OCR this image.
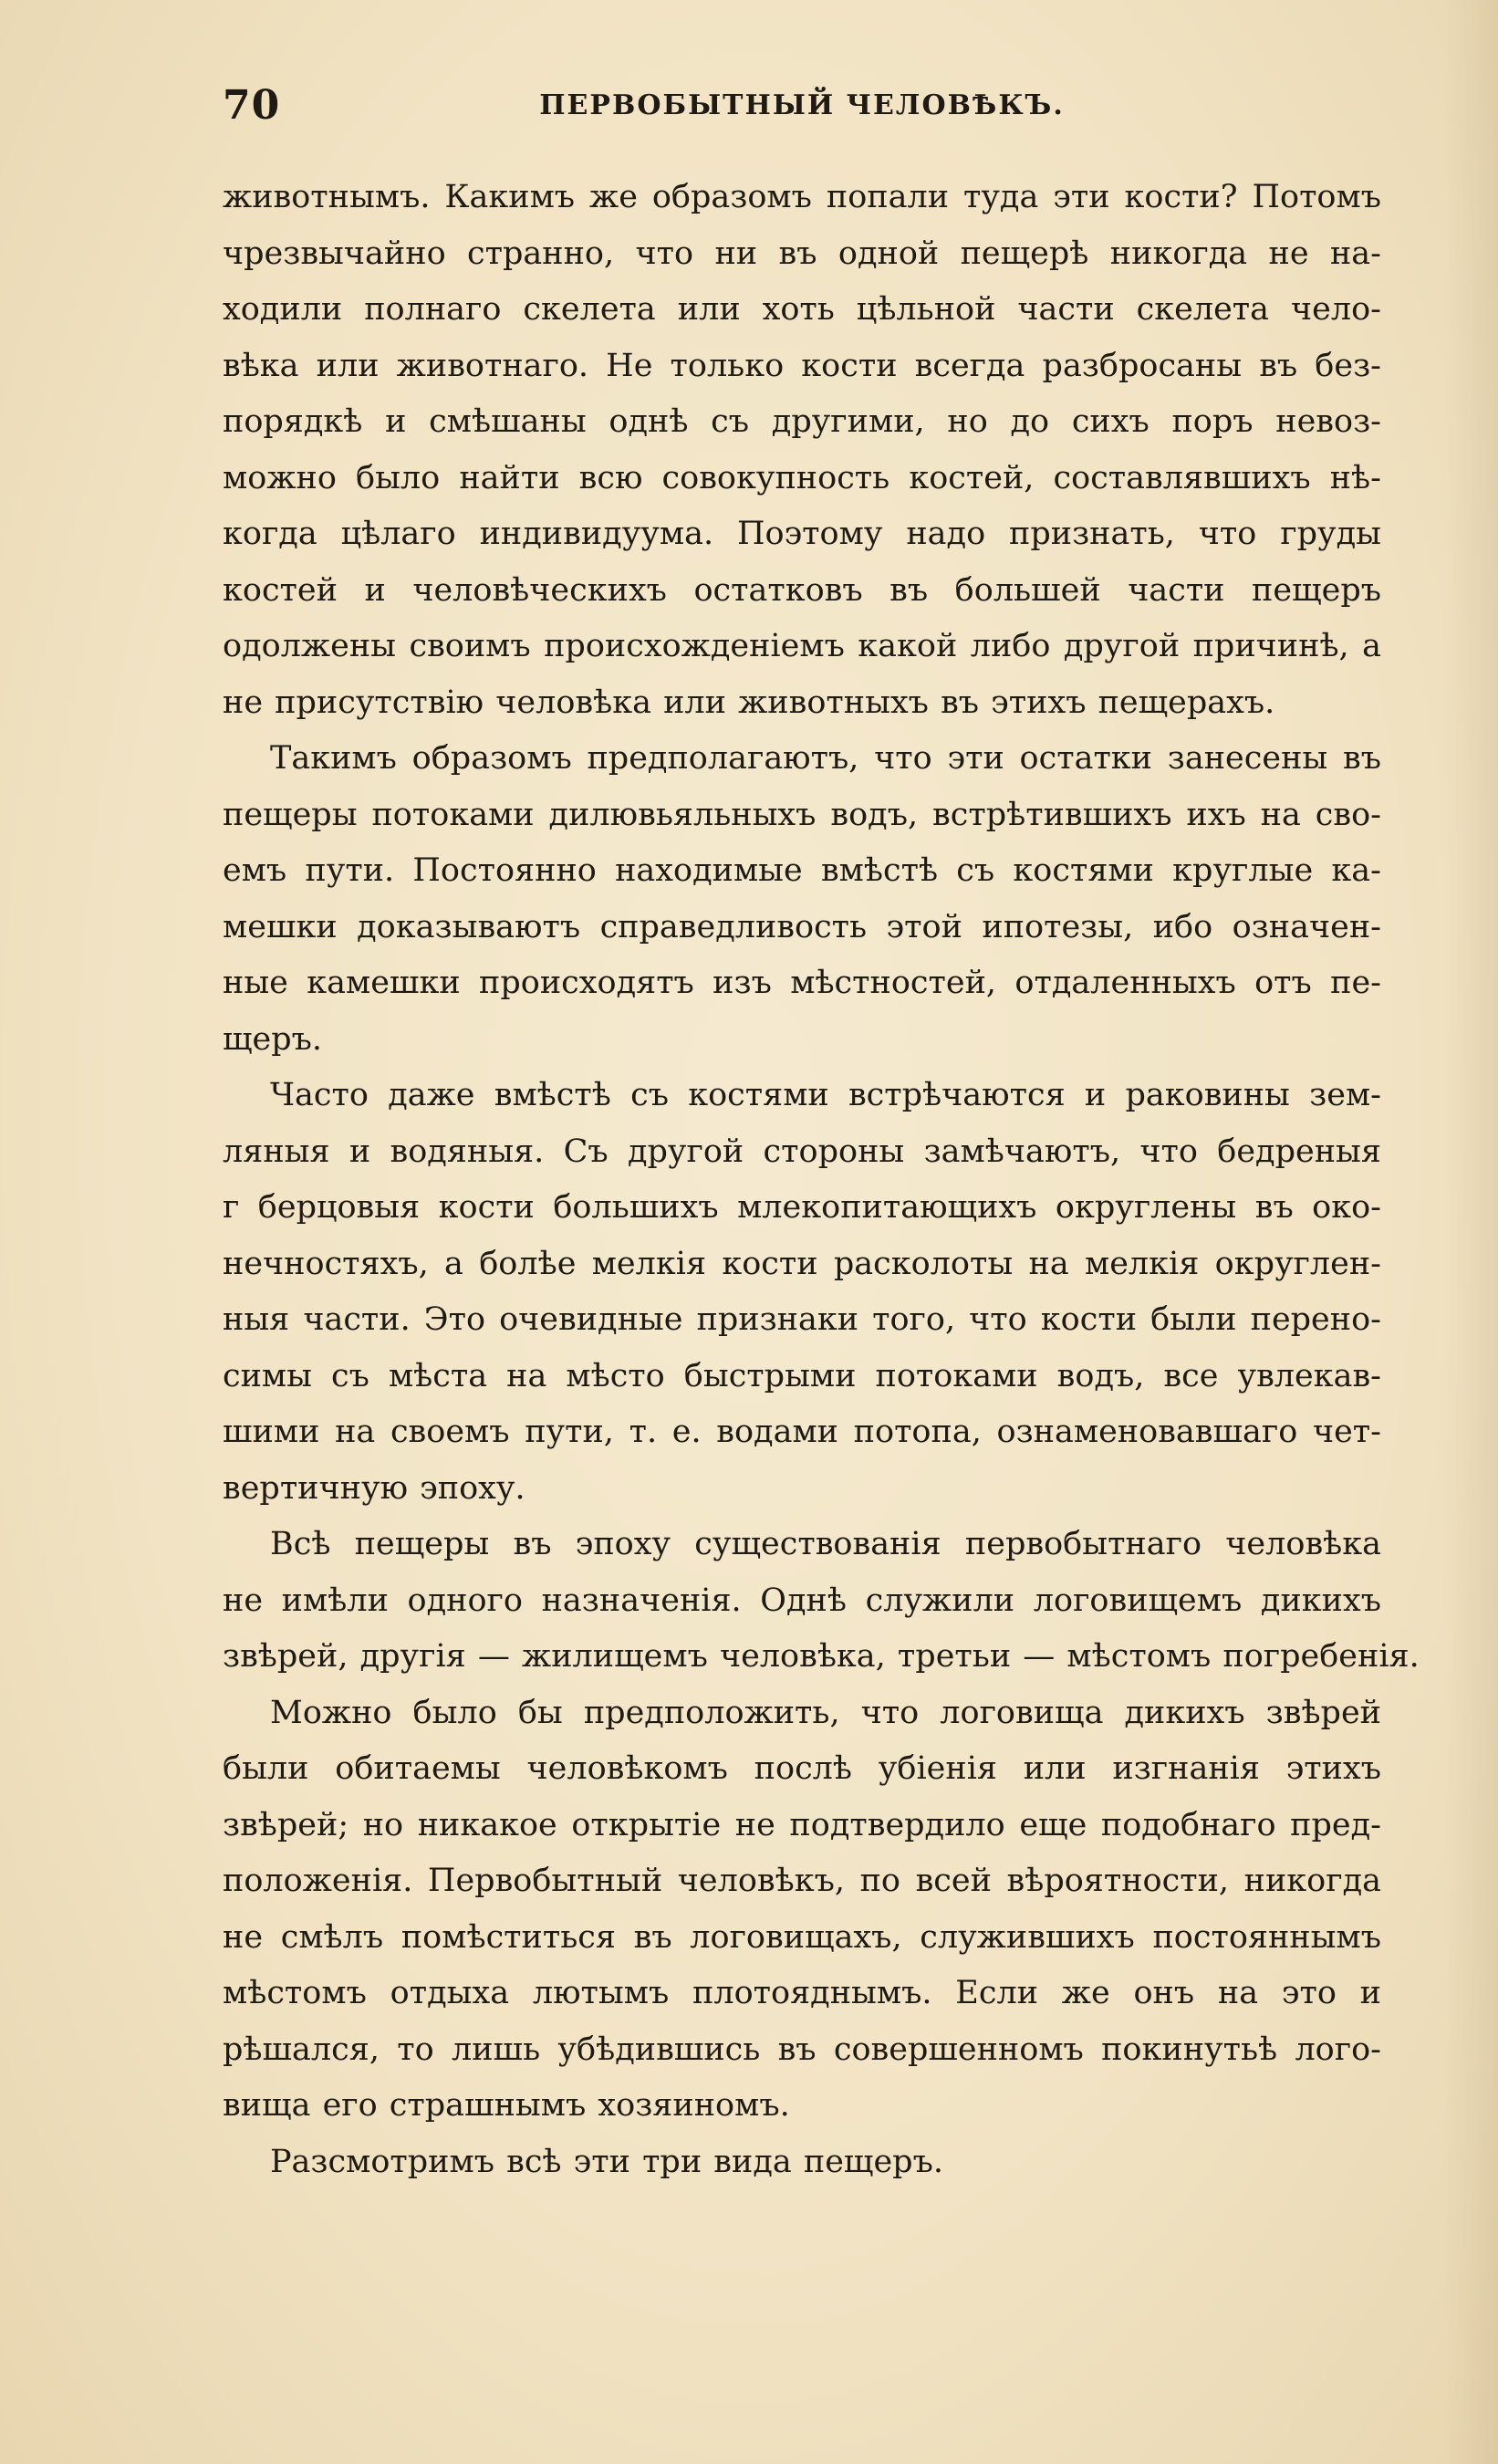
70	ПЕРВОБЫТНЫЙ ЧЕЛОВѢКЪ.
животнымъ. Какимъ же образомъ попали туда эти кости? Потомъ
чрезвычайно странно, что ни въ одной пещерѣ никогда не на-
ходили полнаго скелета или хоть цѣльной части скелета чело-
вѣка или животнаго. Не только кости всегда разбросаны въ без-
порядкѣ и смѣшаны однѣ съ другими, но до сихъ поръ невоз-
можно было найти всю совокупность костей, составлявшихъ нѣ-
когда цѣлаго индивидуума. Поэтому надо признать, что груды
костей и человѣческихъ остатковъ въ большей части пещеръ
одолжены своимъ происхожденіемъ какой либо другой причинѣ, а
не присутствію человѣка или животныхъ въ этихъ пещерахъ.
Такимъ образомъ предполагаютъ, что эти остатки занесены въ
пещеры потоками дилювьяльныхъ водъ, встрѣтившихъ ихъ на сво-
емъ пути. Постоянно находимые вмѣстѣ съ костями круглые ка-
мешки доказываютъ справедливость этой ипотезы, ибо означен-
ные камешки происходятъ изъ мѣстностей, отдаленныхъ отъ пе-
щеръ.
Часто даже вмѣстѣ съ костями встрѣчаются и раковины зем-
ляныя и водяныя. Съ другой стороны замѣчаютъ, что бедреныя
г берцовыя кости большихъ млекопитающихъ округлены въ око-
нечностяхъ, а болѣе мелкія кости расколоты на мелкія округлен-
ныя части. Это очевидные признаки того, что кости были перено-
симы съ мѣста на мѣсто быстрыми потоками водъ, все увлекав-
шими на своемъ пути, т. е. водами потопа, ознаменовавшаго чет-
вертичную эпоху.
Всѣ пещеры въ эпоху существованія первобытнаго человѣка
не имѣли одного назначенія. Однѣ служили логовищемъ дикихъ
звѣрей, другія — жилищемъ человѣка, третьи — мѣстомъ погребенія.
Можно было бы предположить, что логовища дикихъ звѣрей
были обитаемы человѣкомъ послѣ убіенія или изгнанія этихъ
звѣрей; но никакое открытіе не подтвердило еще подобнаго пред-
положенія. Первобытный человѣкъ, по всей вѣроятности, никогда
не смѣлъ помѣститься въ логовищахъ, служившихъ постояннымъ
мѣстомъ отдыха лютымъ плотояднымъ. Если же онъ на это и
рѣшался, то лишь убѣдившись въ совершенномъ покинутьѣ лого-
вища его страшнымъ хозяиномъ.
Разсмотримъ всѣ эти три вида пещеръ.
